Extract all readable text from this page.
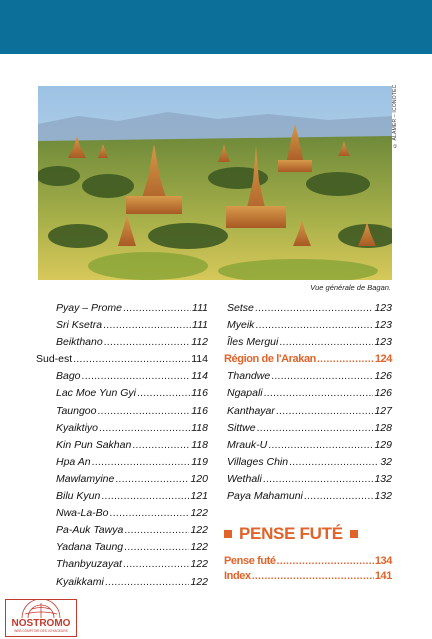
© ALAMER – ICONOTEC
Vue générale de Bagan.
Pyay – Prome .....	111
Sri Ksetra .....	111
Beikthano .....	112
Sud-est .....	114
Bago .....	114
Lac Moe Yun Gyi .....	116
Taungoo .....	116
Kyaiktiyo .....	118
Kin Pun Sakhan .....	118
Hpa An .....	119
Mawlamyine .....	120
Bilu Kyun .....	121
Nwa-La-Bo .....	122
Pa-Auk Tawya .....	122
Yadana Taung .....	122
Thanbyuzayat .....	122
Kyaikkami .....	122
Setse .....	123
Myeik .....	123
Îles Mergui .....	123
Région de l'Arakan .....	124
Thandwe .....	126
Ngapali .....	126
Kanthayar .....	127
Sittwe .....	128
Mrauk-U .....	129
Villages Chin .....	32
Wethali .....	132
Paya Mahamuni .....	132
PENSE FUTÉ
Pense futé .....	134
Index .....	141
NOSTROMO
WEB COMPTOIR DES VOYAGEURS
